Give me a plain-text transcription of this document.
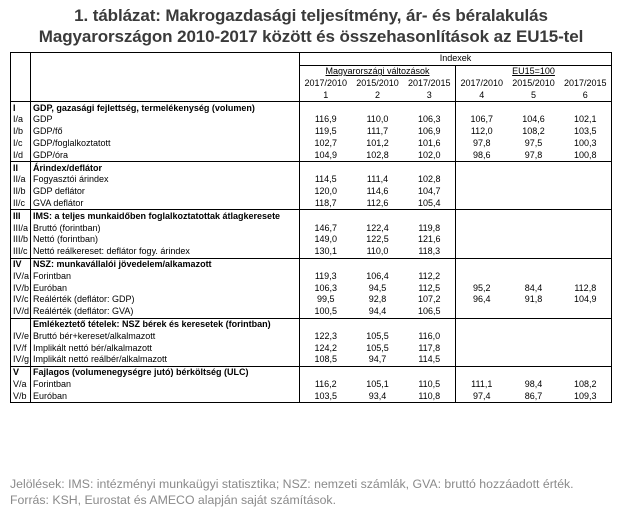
1. táblázat: Makrogazdasági teljesítmény, ár- és béralakulás
Magyarországon 2010-2017 között és összehasonlítások az EU15-tel
		Indexek					
		Magyarországi változások			EU15=100		
		2017/2010	2015/2010	2017/2015	2017/2010	2015/2010	2017/2015
		1	2	3	4	5	6
I	GDP, gazasági fejlettség, termelékenység (volumen)						
I/a	GDP	116,9	110,0	106,3	106,7	104,6	102,1
I/b	GDP/fő	119,5	111,7	106,9	112,0	108,2	103,5
I/c	GDP/foglalkoztatott	102,7	101,2	101,6	97,8	97,5	100,3
I/d	GDP/óra	104,9	102,8	102,0	98,6	97,8	100,8
II	Árindex/deflátor						
II/a	Fogyasztói árindex	114,5	111,4	102,8			
II/b	GDP deflátor	120,0	114,6	104,7			
II/c	GVA deflátor	118,7	112,6	105,4			
III	IMS: a teljes munkaidőben foglalkoztatottak átlagkeresete						
III/a	Bruttó (forintban)	146,7	122,4	119,8			
III/b	Nettó (forintban)	149,0	122,5	121,6			
III/c	Nettó reálkereset: deflátor fogy. árindex	130,1	110,0	118,3			
IV	NSZ: munkavállalói jövedelem/alkamazott						
IV/a	Forintban	119,3	106,4	112,2			
IV/b	Euróban	106,3	94,5	112,5	95,2	84,4	112,8
IV/c	Reálérték (deflátor: GDP)	99,5	92,8	107,2	96,4	91,8	104,9
IV/d	Reálérték (deflátor: GVA)	100,5	94,4	106,5			
	Emlékeztető tételek: NSZ bérek és keresetek (forintban)						
IV/e	Bruttó bér+kereset/alkalmazott	122,3	105,5	116,0			
IV/f	Implikált nettó bér/alkalmazott	124,2	105,5	117,8			
IV/g	Implikált nettó reálbér/alkalmazott	108,5	94,7	114,5			
V	Fajlagos (volumenegységre jutó) bérköltség (ULC)						
V/a	Forintban	116,2	105,1	110,5	111,1	98,4	108,2
V/b	Euróban	103,5	93,4	110,8	97,4	86,7	109,3

Jelölések: IMS: intézményi munkaügyi statisztika; NSZ: nemzeti számlák, GVA: bruttó hozzáadott érték.

Forrás: KSH, Eurostat és AMECO alapján saját számítások.
